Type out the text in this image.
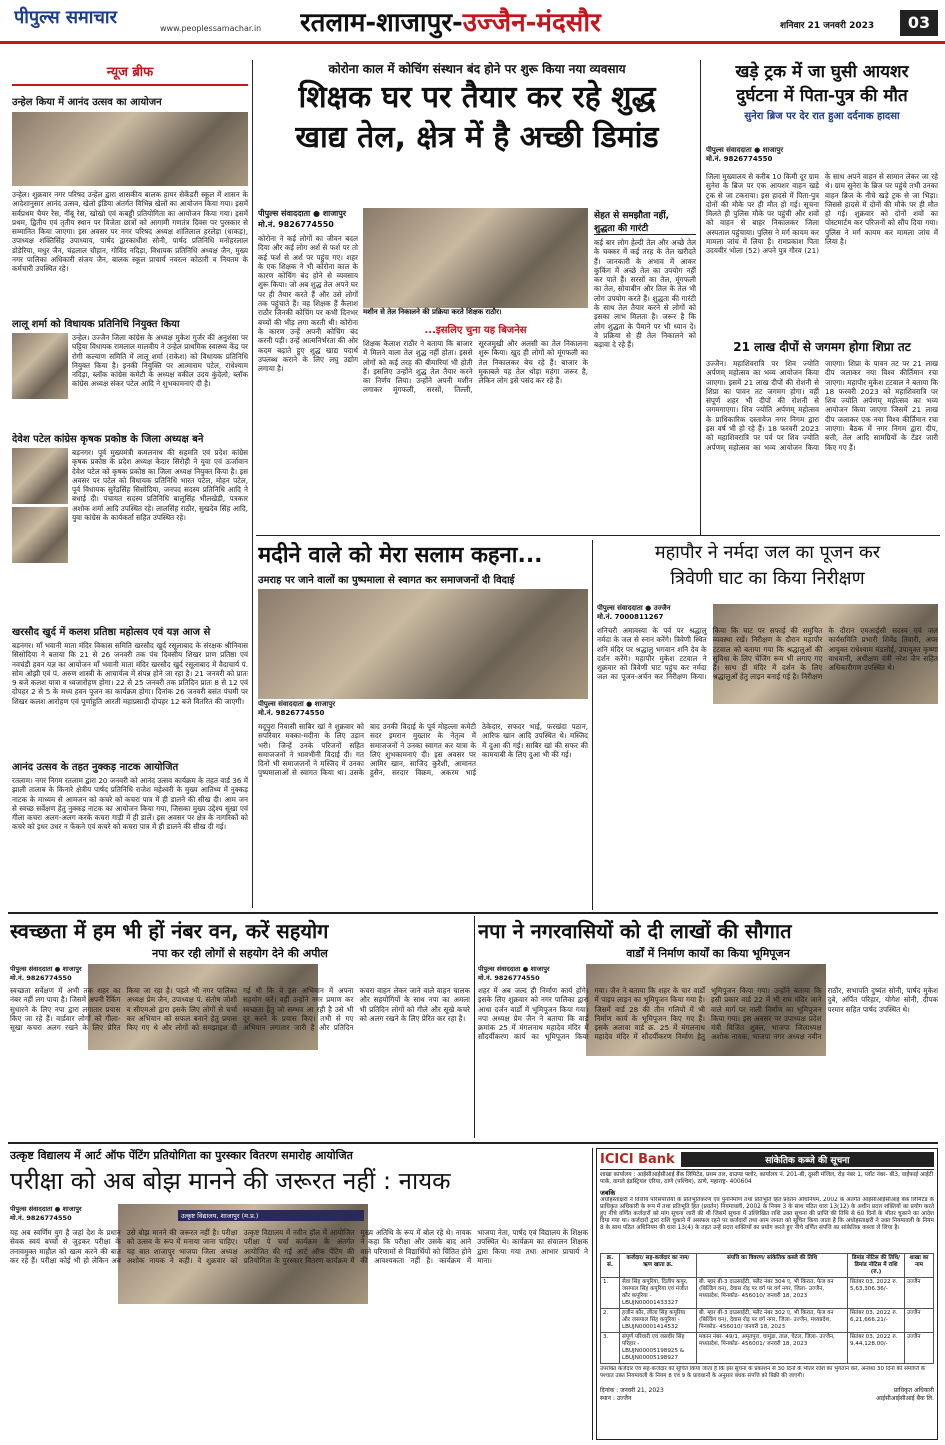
पीपुल्स समाचार
www.peoplessamachar.in	रतलाम-शाजापुर-उज्जैन-मंदसौर	शनिवार 21 जनवरी 2023	03
न्यूज ब्रीफ
उन्हेल किया में आनंद उत्सव का आयोजन
उन्हेल। शुक्रवार नगर परिषद उन्हेल द्वारा शासकीय बालक हायर सेकेंडरी स्कूल में शासन के आदेशानुसार आनंद उत्सव, खेलो इंडिया अंतर्गत विभिन्न खेलों का आयोजन किया गया। इसमें सर्वप्रथम चैयर रेस, नींबू रेस, खोखो एवं कबड्डी प्रतियोगिता का आयोजन किया गया। इसमें प्रथम, द्वितीय एवं तृतीय स्थान पर विजेता छात्रों को आगामी गणतंत्र दिवस पर पुरस्कार से सम्मानित किया जाएगा। इस अवसर पर नगर परिषद अध्यक्ष शांतिलाल हरलेड़ा (धाकड़), उपाध्यक्ष शक्तिसिंह उपाध्याय, पार्षद द्वारकाधीश सोनी, पार्षद प्रतिनिधि मनोहरलाल डोडेरिया, मधुर जैन, चंद्रलाल चौहान, गोविंद नदिड़ा, विधायक प्रतिनिधि अध्यक्ष जैन, मुख्य नगर पालिका अधिकारी संजय जैन, बालक स्कूल प्राचार्य नवरत्न कोठारी व नियतम के कर्मचारी उपस्थित रहे।
लालू शर्मा को विधायक प्रतिनिधि नियुक्त किया
उन्हेल। उज्जैन जिला कांग्रेस के अध्यक्ष मुकेश गुर्जर की अनुशंसा पर घट्टिया विधायक रामलाल मालवीय ने उन्हेल प्राथमिक स्वास्थ्य केंद्र पर रोगी कल्याण समिति में लालू शर्मा (राकेश) को विधायक प्रतिनिधि नियुक्त किया है। इनकी नियुक्ति पर आत्माराम पटेल, राधेश्याम नदिड़ा, ब्लॉक कांग्रेस कमेटी के अध्यक्ष वकील उदय कुंदेलो, ब्लॉक कांग्रेस अध्यक्ष संकर पटेल आदि ने शुभकामनाएं दी है।
देवेश पटेल कांग्रेस कृषक प्रकोष्ठ के जिला अध्यक्ष बने
बड़नगर। पूर्व मुख्यमंत्री कमलनाथ की सहमति एवं प्रदेश कांग्रेस कृषक प्रकोष्ठ के प्रदेश अध्यक्ष केदार सिरोही ने युवा एवं ऊर्जावान देवेश पटेल को कृषक प्रकोष्ठ का जिला अध्यक्ष नियुक्त किया है। इस अवसर पर पटेल को विधायक प्रतिनिधि भारत पटेल, मोहन पटेल, पूर्व विधायक सुरेंद्रसिंह सिसोदिया, जनपद सदस्य प्रतिनिधि आदि ने बधाई दी। पंचायत सदस्य प्रतिनिधि बालूसिंह भीलखेड़ी, पत्रकार अशोक शर्मा आदि उपस्थित रहे। लालसिंह राठौर, सुखदेव सिंह आदि, युवा कांग्रेस के कार्यकर्ता सहित उपस्थित रहे।
खरसौद खुर्द में कलश प्रतिष्ठा महोत्सव एवं यज्ञ आज से
बड़नगर। माँ भवानी माता मंदिर विकास समिति खरसौद खुर्द रसूलाबाद के संरक्षक श्रीनिवास सिसोदिया ने बताया कि 21 से 26 जनवरी तक पंच दिवसीय शिखर प्राण प्रतिष्ठा एवं नवचंडी हवन यज्ञ का आयोजन माँ भवानी माता मंदिर खरसौद खुर्द रसूलाबाद में वैदाचार्य पं. सोम ओझी एवं पं. अरुण शास्त्री के आचार्यत्व में संपन्न होने जा रहा है। 21 जनवरी को प्रातः 9 बजे कलश यात्रा व ध्वजारोहण होगा। 22 से 25 जनवरी तक प्रतिदिन प्रातः 8 से 12 एवं दोपहर 2 से 5 के मध्य हवन पूजन का कार्यक्रम होगा। दिनांक 26 जनवरी बसंत पंचमी पर शिखर कलश आरोहण एवं पूर्णाहुति आरती महाप्रसादी दोपहर 12 बजे वितरित की जाएगी।
आनंद उत्सव के तहत नुक्कड़ नाटक आयोजित
रतलाम। नगर निगम रतलाम द्वारा 20 जनवरी को आनंद उत्सव कार्यक्रम के तहत वार्ड 36 में झाली तालाब के किनारे क्षेत्रीय पार्षद प्रतिनिधि राजेश महेश्वरी के मुख्य आतिथ्य में नुक्कड़ नाटक के माध्यम से आमजन को कचरे को कचरा पात्र में ही डालने की सीख दी। आम जन से स्वच्छ सर्वेक्षण हेतु नुक्कड़ नाटक का आयोजन किया गया, जिसका मुख्य उद्देश्य सूखा एवं गीला कचरा अलग-अलग करके कचरा गाड़ी में ही डालें। इस अवसर पर क्षेत्र के नागरिकों को कचरे को इधर उधर न फेंकने एवं कचरे को कचरा पात्र में ही डालने की सीख दी गई।
कोरोना काल में कोचिंग संस्थान बंद होने पर शुरू किया नया व्यवसाय
शिक्षक घर पर तैयार कर रहे शुद्ध
खाद्य तेल, क्षेत्र में है अच्छी डिमांड
पीपुल्स संवाददाता ● शाजापुर
मो.नं. 9826774550
कोरोना ने कई लोगों का जीवन बदल दिया और कई लोग अर्श से फर्श पर तो कई फर्श से अर्श पर पहुंच गए। शहर के एक शिक्षक ने भी कोरोना काल के कारण कोचिंग बंद होने से व्यवसाय शुरू किया। जो अब शुद्ध तेल अपने घर पर ही तैयार करते हैं और उसे लोगों तक पहुंचाते हैं। वह शिक्षक हैं कैलाश राठौर जिनकी कोचिंग पर कभी दिनभर बच्चों की भीड़ लगा करती थी। कोरोना के कारण उन्हें अपनी कोचिंग बंद करनी पड़ी। उन्हें आत्मनिर्भरता की ओर कदम बढ़ाते हुए शुद्ध खाद्य पदार्थ उपलब्ध कराने के लिए लघु उद्योग लगाया है।
मशीन से तेल निकालने की प्रक्रिया करते शिक्षक राठौर।
...इसलिए चुना यह बिजनेस
शिक्षक कैलाश राठौर ने बताया कि बाजार में मिलने वाला तेल शुद्ध नहीं होता। इससे लोगों को कई तरह की बीमारियां भी होती हैं। इसलिए उन्होंने शुद्ध तेल तैयार करने का निर्णय लिया। उन्होंने अपनी मशीन लगाकर मूंगफली, सरसों, तिल्ली, सूरजमुखी और अलसी का तेल निकालना शुरू किया। खुद ही लोगों को मूंगफली का तेल निकालकर बेच रहे हैं। बाजार के मुकाबले यह तेल थोड़ा महंगा जरूर है, लेकिन लोग इसे पसंद कर रहे हैं।
सेहत से समझौता नहीं,
शुद्धता की गारंटी
कई बार लोग हेल्दी तेल और अच्छे तेल के चक्कर में कई तरह के तेल खरीदते हैं। जानकारी के अभाव में आकर कुकिंग में अच्छे तेल का उपयोग नहीं कर पाते हैं। सरसों का तेल, मूंगफली का तेल, सोयाबीन और तिल के तेल भी लोग उपयोग करते हैं। शुद्धता की गारंटी के साथ तेल तैयार करने से लोगों को इसका लाभ मिलता है। जरूर है कि लोग शुद्धता के पैमाने पर भी ध्यान दें। वे प्रक्रिया से ही तेल निकालने को बढ़ावा दे रहे हैं।
खड़े ट्रक में जा घुसी आयशर
दुर्घटना में पिता-पुत्र की मौत
सुनेरा ब्रिज पर देर रात हुआ दर्दनाक हादसा
पीपुल्स संवाददाता ● शाजापुर
मो.नं. 9826774550
जिला मुख्यालय से करीब 10 किमी दूर ग्राम सुनेरा के ब्रिज पर एक आयशर वाहन खड़े ट्रक से जा टकराया। इस हादसे में पिता-पुत्र दोनों की मौके पर ही मौत हो गई। सूचना मिलते ही पुलिस मौके पर पहुंची और शवों को वाहन से बाहर निकालकर जिला अस्पताल पहुंचाया। पुलिस ने मर्ग कायम कर मामला जांच में लिया है। रामप्रकाश पिता उदयवीर भोला (52) अपने पुत्र गौरव (21) के साथ अपने वाहन से सामान लेकर जा रहे थे। ग्राम सुनेरा के ब्रिज पर पहुंचे तभी उनका वाहन ब्रिज के नीचे खड़े ट्रक से जा भिड़ा। जिससे हादसे में दोनों की मौके पर ही मौत हो गई। शुक्रवार को दोनों शवों का पोस्टमार्टम कर परिजनों को सौंप दिया गया। पुलिस ने मर्ग कायम कर मामला जांच में लिया है।
21 लाख दीपों से जगमग होगा शिप्रा तट
उज्जैन। महाशिवरात्रि पर शिव ज्योति अर्पणम् महोत्सव का भव्य आयोजन किया जाएगा। इसमें 21 लाख दीपों की रोशनी से शिप्रा का पावन तट जगमग होगा। वहीं संपूर्ण शहर भी दीपों की रोशनी से जगमगाएगा। शिव ज्योति अर्पणम् महोत्सव के प्राधिकारिक दस्तावेज नगर निगम द्वारा इस वर्ष भी हो रहे हैं। 18 फरवरी 2023 को महाशिवरात्रि पर पर्व पर शिव ज्योति अर्पणम् महोत्सव का भव्य आयोजन किया जाएगा। शिप्रा के पावन तट पर 21 लाख दीप जलाकर नया विश्व कीर्तिमान रचा जाएगा। महापौर मुकेश टटवाल ने बताया कि 18 फरवरी 2023 को महाशिवरात्रि पर शिव ज्योति अर्पणम् महोत्सव का भव्य आयोजन किया जाएगा जिसमें 21 लाख दीप जलाकर एक नया विश्व कीर्तिमान रचा जाएगा। बैठक में नगर निगम द्वारा दीप, बत्ती, तेल आदि सामग्रियों के टेंडर जारी किए गए हैं।
मदीने वाले को मेरा सलाम कहना...
उमराह पर जाने वालों का पुष्पमाला से स्वागत कर समाजजनों दी विदाई
पीपुल्स संवाददाता ● शाजापुर
मो.नं. 9826774550
मदूपुरा निवासी साबिर खां ने शुक्रवार को सपरिवार मक्का-मदीना के लिए उड़ान भरी। जिन्हें उनके परिजनों सहित समाजजनों ने भावभीनी विदाई दी। गत दिनों भी समाजजनों ने मस्जिद में उनका पुष्पमालाओं से स्वागत किया था। उसके बाद उनकी विदाई के पूर्व मोहल्ला कमेटी सदर इमरान मुख्तार के नेतृत्व में समाजजनों ने उनका स्वागत कर यात्रा के लिए शुभकामनाएं दी। इस अवसर पर आमिर खान, साजिद कुरैशी, आमानत हुसैन, सरदार विक्रम, अकरम भाई ठेकेदार, सफदर भाई, फरखंदा पठान, आरिफ खान आदि उपस्थित थे। मस्जिद में दुआ की गई। साबिर खां की सफर की कामयाबी के लिए दुआ भी की गई।
महापौर ने नर्मदा जल का पूजन कर
त्रिवेणी घाट का किया निरीक्षण
पीपुल्स संवाददाता ● उज्जैन
मो.नं. 7000811267
शनिचरी अमावस्या के पर्व पर श्रद्धालु नर्मदा के जल से स्नान करेंगे। त्रिवेणी स्थित शनि मंदिर पर श्रद्धालु भगवान शनि देव के दर्शन करेंगे। महापौर मुकेश टटवाल ने शुक्रवार को त्रिवेणी घाट पहुंच कर नर्मदा जल का पूजन-अर्चन कर निरीक्षण किया। किया कि घाट पर सफाई की समुचित व्यवस्था रखें। निरीक्षण के दौरान महापौर टटवाल को बताया गया कि श्रद्धालुओं की सुविधा के लिए चेंजिंग रूम भी लगाए गए हैं। साथ ही मंदिर में दर्शन के लिए श्रद्धालुओं हेतु लाइन बनाई गई है। निरीक्षण के दौरान एमआईसी सदस्य एवं जल कार्यसमिति प्रभारी शिवेंद्र तिवारी, अपर आयुक्त राधेश्याम मंडलोई, उपायुक्त कृष्णा वाधवानी, अधीक्षण यंत्री नरेश जैन सहित अधिकारीगण उपस्थित थे।
स्वच्छता में हम भी हों नंबर वन, करें सहयोग
नपा कर रही लोगों से सहयोग देने की अपील
पीपुल्स संवाददाता ● शाजापुर
मो.नं. 9826774550
स्वच्छता सर्वेक्षण में अभी तक शहर का नंबर नहीं लग पाया है। जिसमें अपनी रैंकिंग सुधारने के लिए नपा द्वारा लगातार प्रयास किए जा रहे हैं। वार्डवार लोगों को गीला-सूखा कचरा अलग रखने के लिए प्रेरित किया जा रहा है। पहले भी नगर पालिका अध्यक्ष प्रेम जैन, उपाध्यक्ष पं. संतोष जोशी व सीएमओ द्वारा इसके लिए लोगों से चर्चा कर अभियान को सफल बनाने हेतु प्रयास किए गए थे और लोगों को समझाइश दी गई थी कि वे इस अभियान में अपना सहयोग करें। वहीं उन्होंने नगर प्रमाण कर स्वच्छता हेतु जो सम्भव आ रही है उसे भी दूर करने के प्रयास किए। तभी से गए अभियान लगातार जारी है और प्रतिदिन कचरा वाहन लेकर जाने वाले वाहन चालक और सहयोगियों के साथ नपा का अमला भी प्रतिदिन लोगों को गीले और सूखे कचरे को अलग रखने के लिए प्रेरित कर रहा है।
नपा ने नगरवासियों को दी लाखों की सौगात
वार्डों में निर्माण कार्यों का किया भूमिपूजन
पीपुल्स संवाददाता ● शाजापुर
मो.नं. 9826774550
शहर में अब जल्द ही निर्माण कार्य होंगे। इसके लिए शुक्रवार को नगर पालिका द्वारा आधा दर्जन वार्डों में भूमिपूजन किया गया। नपा अध्यक्ष प्रेम जैन ने बताया कि वार्ड क्रमांक 25 में मंगलनाथ महादेव मंदिर में सौंदर्यीकरण कार्य का भूमिपूजन किया गया। जैन ने बताया कि शहर के चार वार्डों में पाइप लाइन का भूमिपूजन किया गया है। जिसमें वार्ड 28 की तीन गलियों में भी निर्माण कार्य के भूमिपूजन किए गए हैं। इसके अलावा वार्ड क्र. 25 में मंगलनाथ महादेव मंदिर में सौंदर्यीकरण निर्माण हेतु भूमिपूजन किया गया। उन्होंने बताया कि इसी प्रकार वार्ड 22 में भी राम मंदिर जाने वाले मार्ग पर नाली निर्माण का भूमिपूजन किया गया। इस अवसर पर उपाध्यक्ष प्रदेश मंत्री विजित शुक्ल, भाजपा जिलाध्यक्ष अशोक नायक, भाजपा नगर अध्यक्ष नवीन राठौर, सभापति दुष्यंत सोनी, पार्षद मुकेश दुबे, अर्पित परिहार, योगेश सोनी, दीपक परमार सहित पार्षद उपस्थित थे।
उत्कृष्ट विद्यालय में आर्ट ऑफ पेंटिंग प्रतियोगिता का पुरस्कार वितरण समारोह आयोजित
परीक्षा को अब बोझ मानने की जरूरत नहीं : नायक
पीपुल्स संवाददाता ● शाजापुर
मो.नं. 9826774550	उत्कृष्ट विद्यालय, शाजापुर (म.प्र.)
यह अब स्वर्णिम युग है जहां देश के प्रधान सेवक स्वयं बच्चों से जुड़कर परीक्षा के तनावमुक्त माहौल को खत्म करने की बात कर रहे हैं। परीक्षा कोई भी हो लेकिन अब उसे बोझ मानने की जरूरत नहीं है। परीक्षा को उत्सव के रूप में मनाया जाना चाहिए। यह बात शाजापुर भाजपा जिला अध्यक्ष अशोक नायक ने कही। वे शुक्रवार को उत्कृष्ट विद्यालय में नवीन हॉल में आयोजित परीक्षा पे चर्चा कार्यक्रम के अंतर्गत आयोजित की गई आर्ट ऑफ पेंटिंग की प्रतियोगिता के पुरस्कार वितरण कार्यक्रम में मुख्य अतिथि के रूप में बोल रहे थे। नायक ने कहा कि परीक्षा और उसके बाद आने वाले परिणामों से विद्यार्थियों को चिंतित होने की आवश्यकता नहीं है। कार्यक्रम में भाजपा नेता, पार्षद एवं विद्यालय के शिक्षक उपस्थित थे। कार्यक्रम का संचालन शिक्षक द्वारा किया गया तथा आभार प्राचार्य ने माना।
ICICI Bank	सांकेतिक कब्जे की सूचना
शाखा कार्यालय : आईसीआईसीआई बैंक लिमिटेड, प्रथम तल, ग्राउण्ड फ्लोर, कार्यालय नं. 201-बी, दूसरी मंजिल, रोड़ नंबर 1, प्लॉट नंबर- बी3, वाईफाई आईटी पार्क, वागले इंडस्ट्रियल एरिया, ठाणे (पश्चिम), ठाणे, महाराष्ट्र- 400604
जबकि
अधोहस्ताक्षरी ने वित्तीय परिसंपत्तियों के प्रतिभूतिकरण एवं पुनर्निर्माण तथा प्रतिभूति हित प्रवर्तन अधिनियम, 2002 के अंतर्गत आईसीआईसीआई बैंक लिमिटेड के प्राधिकृत अधिकारी के रूप में तथा प्रतिभूति हित (प्रवर्तन) नियमावली, 2002 के नियम 3 के साथ पठित धारा 13(12) के अधीन प्रदत्त शक्तियों का प्रयोग करते हुए नीचे वर्णित कर्जदारों को मांग सूचना जारी की थी जिसमें सूचना में उल्लिखित राशि उक्त सूचना की प्राप्ति की तिथि से 60 दिनों के भीतर चुकाने का आदेश दिया गया था। कर्जदारों द्वारा राशि चुकाने में असफल रहने पर कर्जदारों तथा आम जनता को सूचित किया जाता है कि अधोहस्ताक्षरी ने उक्त नियमावली के नियम 8 के साथ पठित अधिनियम की धारा 13(4) के तहत उन्हें प्रदत्त शक्तियों का प्रयोग करते हुए नीचे वर्णित संपत्ति का सांकेतिक कब्जा ले लिया है।
क्र. सं.	कर्जदार/ सह-कर्जदार का नाम/ ऋण खाता क्र.	संपत्ति का विवरण/ सांकेतिक कब्जे की तिथि	डिमांड नोटिस की तिथि/ डिमांड नोटिस में राशि (रु.)	शाखा का नाम
1.	सेवा सिंह कपूरिया, दिलीप कपूर, जसपाल सिंह कपूरिया एवं मंजीत कौर कपूरिया - LBUJN00001433327	बी. म्हार बी-3 दाउसाईटी, फ्लैट नंबर 304 ए, भी किरात, फेज वन (बिल्डिंग वन), देवास रोड़ पर वर्ग पर वर्ग नगर, जिला- उज्जैन, मध्यप्रदेश, पिनकोड- 456010/ जनवरी 18, 2023	सितंबर 03, 2022 रु. 5,63,306.36/-	उज्जैन
2.	हजीन कौर, लीला सिंह कपूरिया और जसपाल सिंह कपूरिया - LBUJN00001414532	बी. म्हार बी-3 दाउसाईटी, फ्लैट नंबर 302 ए, भी किरात, फेज वन (बिल्डिंग वन), देवास रोड़ पर वर्ग नगर, जिला- उज्जैन, मध्यप्रदेश, पिनकोड- 456010/ जनवरी 18, 2023	सितंबर 03, 2022 रु. 6,21,666.21/-	उज्जैन
3.	संपूर्ण परिवारी एवं जसवीर सिंह परिहार - LBUJN00005198925 & LBUJN00005198927	मकान नंबर- 49/1, अमृतपुरा, चामुंडा, ताल, चेटल, जिला- उज्जैन, मध्यप्रदेश, पिनकोड- 456001/ जनवरी 18, 2023	सितंबर 03, 2022 रु. 9,44,128.00/-	उज्जैन
उपरोक्त कर्जदार एवं सह-कर्जदार को सूचित किया जाता है कि इस सूचना के प्रकाशन से 30 दिनों के भीतर राशि का भुगतान करें, अन्यथा 30 दिनों की समाप्ति के पश्चात उक्त नियमावली के नियम 8 एवं 9 के प्रावधानों के अनुसार बंधक संपत्ति को बिक्री की जाएगी।
दिनांक : जनवरी 21, 2023
स्थान : उज्जैन
प्राधिकृत अधिकारी
आईसीआईसीआई बैंक लि.
